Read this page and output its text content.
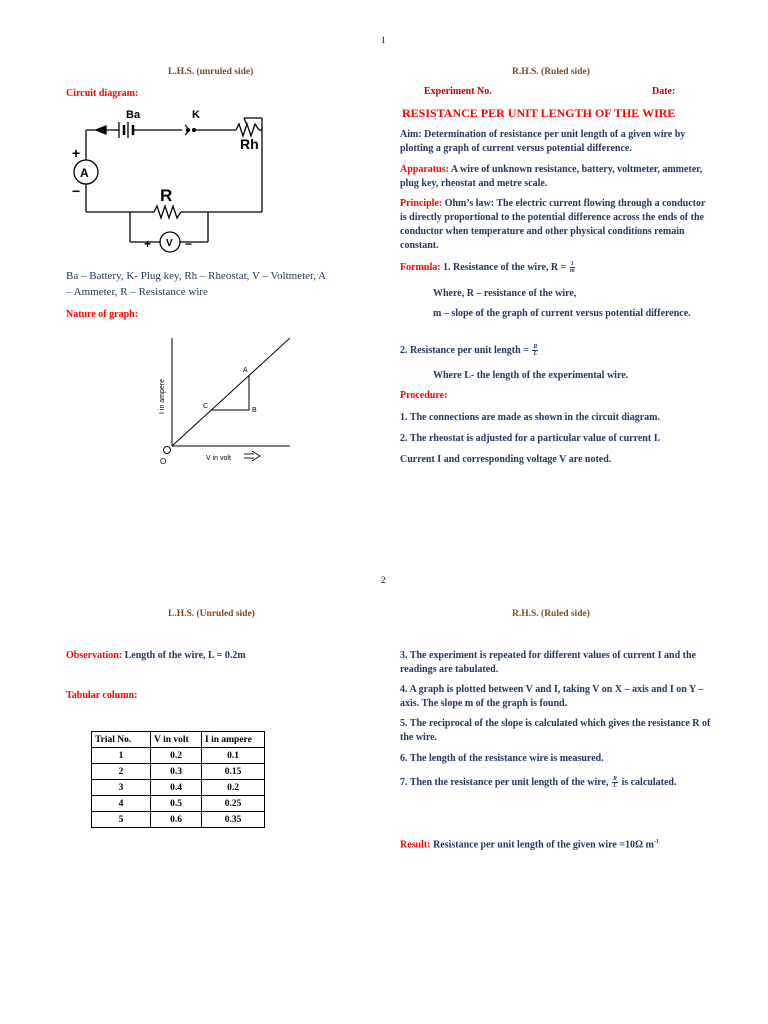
1
L.H.S. (unruled side)	R.H.S. (Ruled side)
Circuit diagram:
Ba	K
Rh
R
A
V
+
−
+	−
Ba – Battery, K- Plug key, Rh – Rheostat, V – Voltmeter, A – Ammeter, R – Resistance wire
Nature of graph:
O
A
B
C
I in ampere
V in volt
Experiment No.	Date:
RESISTANCE PER UNIT LENGTH OF THE WIRE
Aim: Determination of resistance per unit length of a given wire by plotting a graph of current versus potential difference.
Apparatus: A wire of unknown resistance, battery, voltmeter, ammeter, plug key, rheostat and metre scale.
Principle: Ohm’s law: The electric current flowing through a conductor is directly proportional to the potential difference across the ends of the conductor when temperature and other physical conditions remain constant.
Formula: 1. Resistance of the wire, $R = \frac{1}{m}$
Where, R – resistance of the wire,
m – slope of the graph of current versus potential difference.
2. Resistance per unit length = $\frac{R}{L}$
Where L- the length of the experimental wire.
Procedure:
1. The connections are made as shown in the circuit diagram.
2. The rheostat is adjusted for a particular value of current I.
Current I and corresponding voltage V are noted.
2
L.H.S. (Unruled side)	R.H.S. (Ruled side)
Observation: Length of the wire, L = 0.2m
Tabular column:
Trial No.	V in volt	I in ampere
1	0.2	0.1
2	0.3	0.15
3	0.4	0.2
4	0.5	0.25
5	0.6	0.35
3. The experiment is repeated for different values of current I and the readings are tabulated.
4. A graph is plotted between V and I, taking V on X – axis and I on Y – axis. The slope m of the graph is found.
5. The reciprocal of the slope is calculated which gives the resistance R of the wire.
6. The length of the resistance wire is measured.
7. Then the resistance per unit length of the wire, $\frac{R}{L}$ is calculated.
Result: Resistance per unit length of the given wire =10Ω $m^{-1}$
